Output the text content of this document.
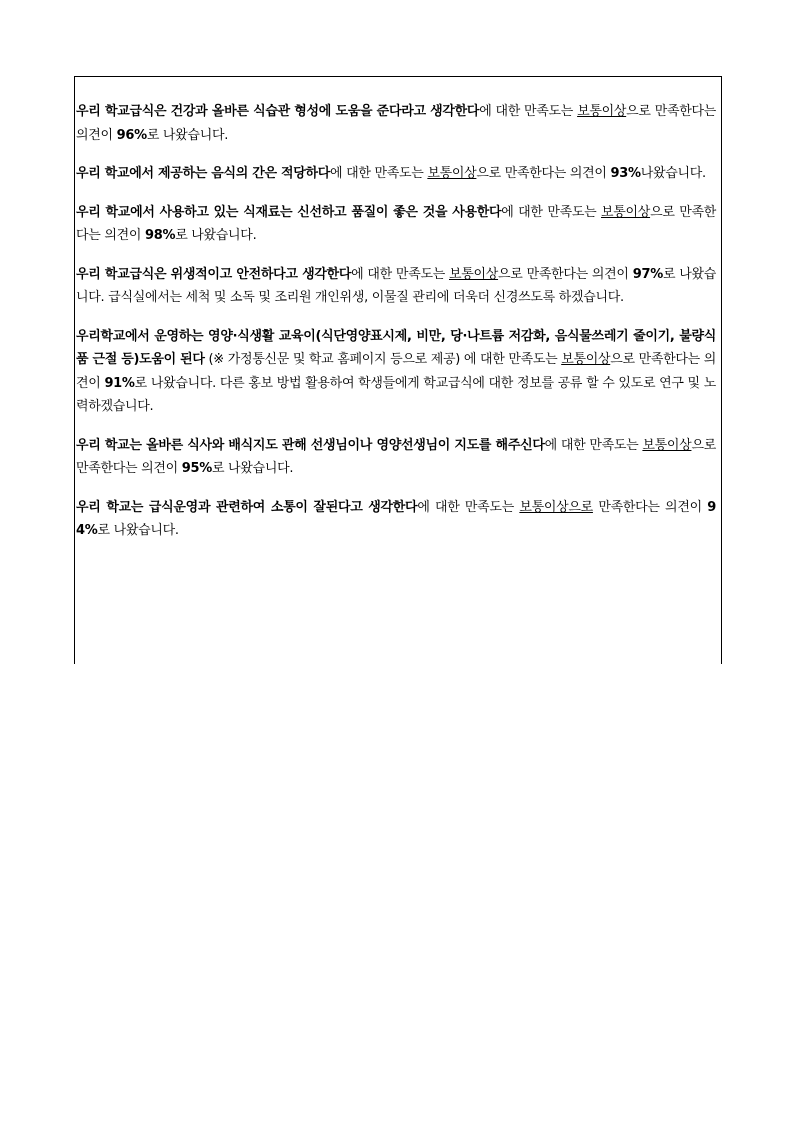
우리 학교급식은 건강과 올바른 식습관 형성에 도움을 준다라고 생각한다에 대한 만족도는 보통이상으로 만족한다는 의견이 96%로 나왔습니다.

우리 학교에서 제공하는 음식의 간은 적당하다에 대한 만족도는 보통이상으로 만족한다는 의견이 93%나왔습니다.

우리 학교에서 사용하고 있는 식재료는 신선하고 품질이 좋은 것을 사용한다에 대한 만족도는 보통이상으로 만족한다는 의견이 98%로 나왔습니다.

우리 학교급식은 위생적이고 안전하다고 생각한다에 대한 만족도는 보통이상으로 만족한다는 의견이 97%로 나왔습니다. 급식실에서는 세척 및 소독 및 조리원 개인위생, 이물질 관리에 더욱더 신경쓰도록 하겠습니다.

우리학교에서 운영하는 영양·식생활 교육이(식단영양표시제, 비만, 당·나트륨 저감화, 음식물쓰레기 줄이기, 불량식품 근절 등)도움이 된다 (※ 가정통신문 및 학교 홈페이지 등으로 제공) 에 대한 만족도는 보통이상으로 만족한다는 의견이 91%로 나왔습니다. 다른 홍보 방법 활용하여 학생들에게 학교급식에 대한 정보를 공류 할 수 있도로 연구 및 노력하겠습니다.

우리 학교는 올바른 식사와 배식지도 관해 선생님이나 영양선생님이 지도를 해주신다에 대한 만족도는 보통이상으로 만족한다는 의견이 95%로 나왔습니다.

우리 학교는 급식운영과 관련하여 소통이 잘된다고 생각한다에 대한 만족도는 보통이상으로 만족한다는 의견이 94%로 나왔습니다.
